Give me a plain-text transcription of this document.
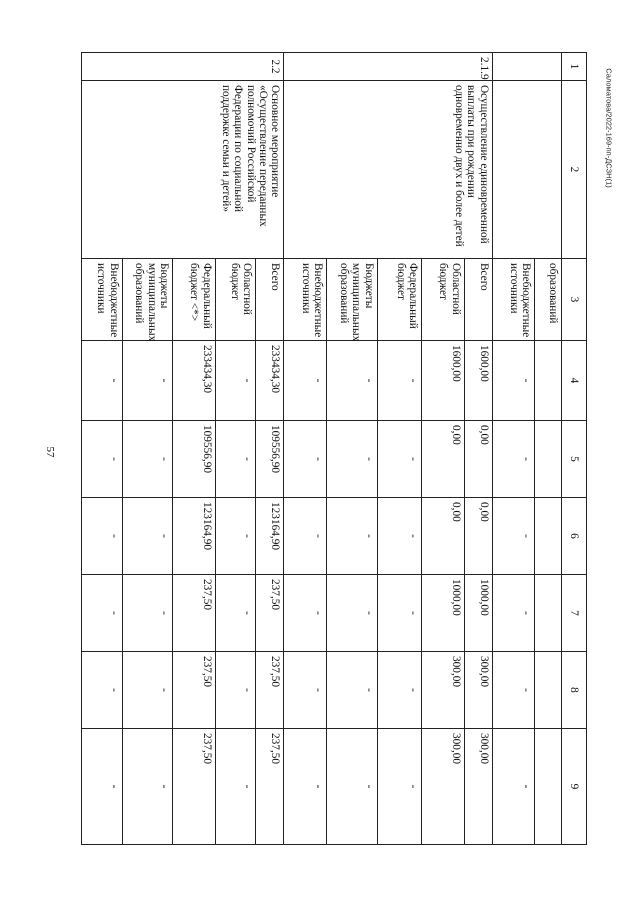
57
Саломатова/2022-169-пп-ДСЗН(1)
1	2	3	4	5	6	7	8	9
		образований						
		Внебюджетные источники	-	-	-	-	-	-
2.1.9	Осуществление единовременной выплаты при рождении одновременно двух и более детей	Всего	1600,00	0,00	0,00	1000,00	300,00	300,00
		Областной бюджет	1600,00	0,00	0,00	1000,00	300,00	300,00
		Федеральный бюджет	-	-	-	-	-	-
		Бюджеты муниципальных образований	-	-	-	-	-	-
		Внебюджетные источники	-	-	-	-	-	-
2.2	Основное мероприятие «Осуществление переданных полномочий Российской Федерации по социальной поддержке семьи и детей»	Всего	233434,30	109556,90	123164,90	237,50	237,50	237,50
		Областной бюджет	-	-	-	-	-	-
		Федеральный бюджет <*>	233434,30	109556,90	123164,90	237,50	237,50	237,50
		Бюджеты муниципальных образований	-	-	-	-	-	-
		Внебюджетные источники	-	-	-	-	-	-
